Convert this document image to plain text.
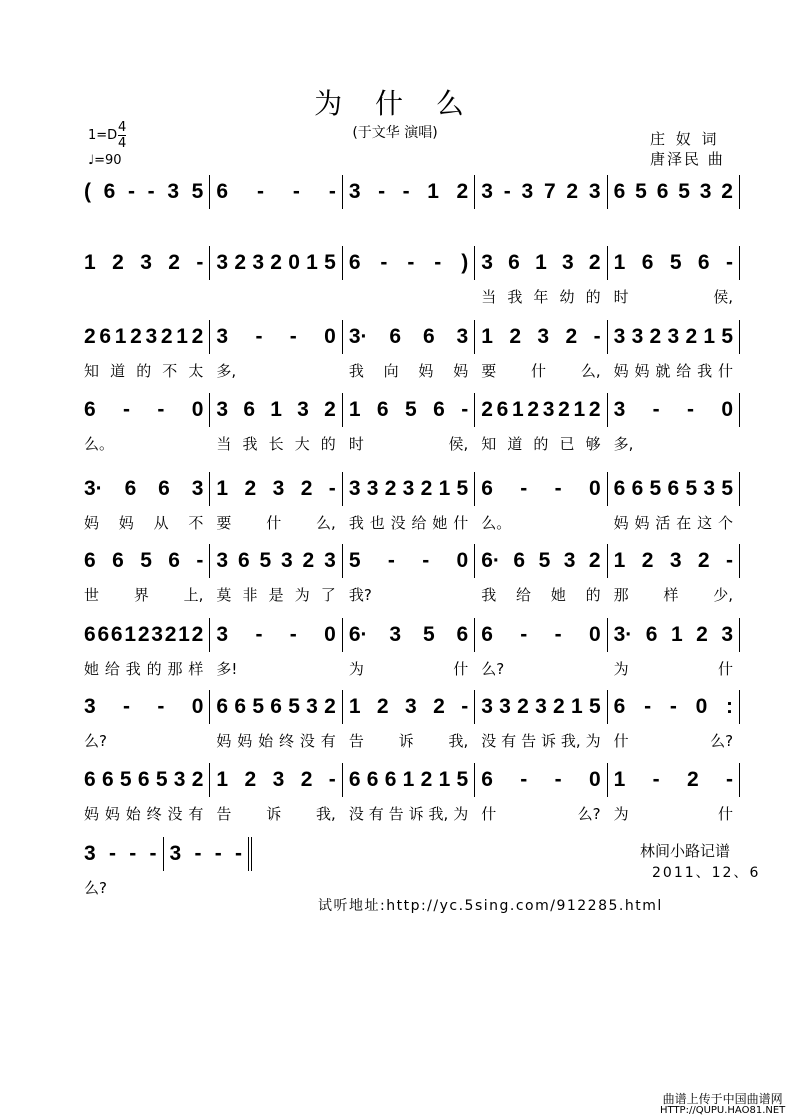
为 什 么
(于文华 演唱)
1=D
4
4
♩=90
庄 奴 词
唐泽民 曲
( 6 - - 3 5 6 - - - 3 - - 1 2 3 - 3 7 2 3 6 5 6 5 3 2
1 2 3 2 - 3 2 3 2 0 1 5 6 - - - ) 3 6 1 3 2
当 我 年 幼 的
1 6 5 6 -
时	侯,
2 6 1 2 3 2 1 2
知 道 的 不 太
3 - - 0
多,
3· 6 6 3
我 向 妈 妈
1 2 3 2 -
要 什 么,
3 3 2 3 2 1 5
妈 妈 就 给 我 什
6 - - 0
么。
3 6 1 3 2
当 我 长 大 的
1 6 5 6 -
时	侯,
2 6 1 2 3 2 1 2
知 道 的 已 够
3 - - 0
多,
3· 6 6 3
妈 妈 从 不
1 2 3 2 -
要 什 么,
3 3 2 3 2 1 5
我 也 没 给 她 什
6 - - 0
么。
6 6 5 6 5 3 5
妈 妈 活 在 这 个
6 6 5 6 -
世 界 上,
3 6 5 3 2 3
莫 非 是 为 了
5 - - 0
我?
6· 6 5 3 2
我 给 她 的
1 2 3 2 -
那 样 少,
6 6 6 1 2 3 2 1 2
她 给 我 的 那 样
3 - - 0
多!
6· 3 5 6
为	什
6 - - 0
么?
3· 6 1 2 3
为	什
3 - - 0
么?
6 6 5 6 5 3 2
妈 妈 始 终 没 有
1 2 3 2 -
告 诉 我,
3 3 2 3 2 1 5
没 有 告 诉 我, 为
6 - - 0 :
什	么?
6 6 5 6 5 3 2
妈 妈 始 终 没 有
1 2 3 2 -
告 诉 我,
6 6 6 1 2 1 5
没 有 告 诉 我, 为
6 - - 0
什	么?
1 - 2 -
为	什
3 - - -
么?
3 - - -	林间小路记谱
2011、12、6
试听地址:http://yc.5sing.com/912285.html
曲谱上传于中国曲谱网
HTTP://QUPU.HAO81.NET
